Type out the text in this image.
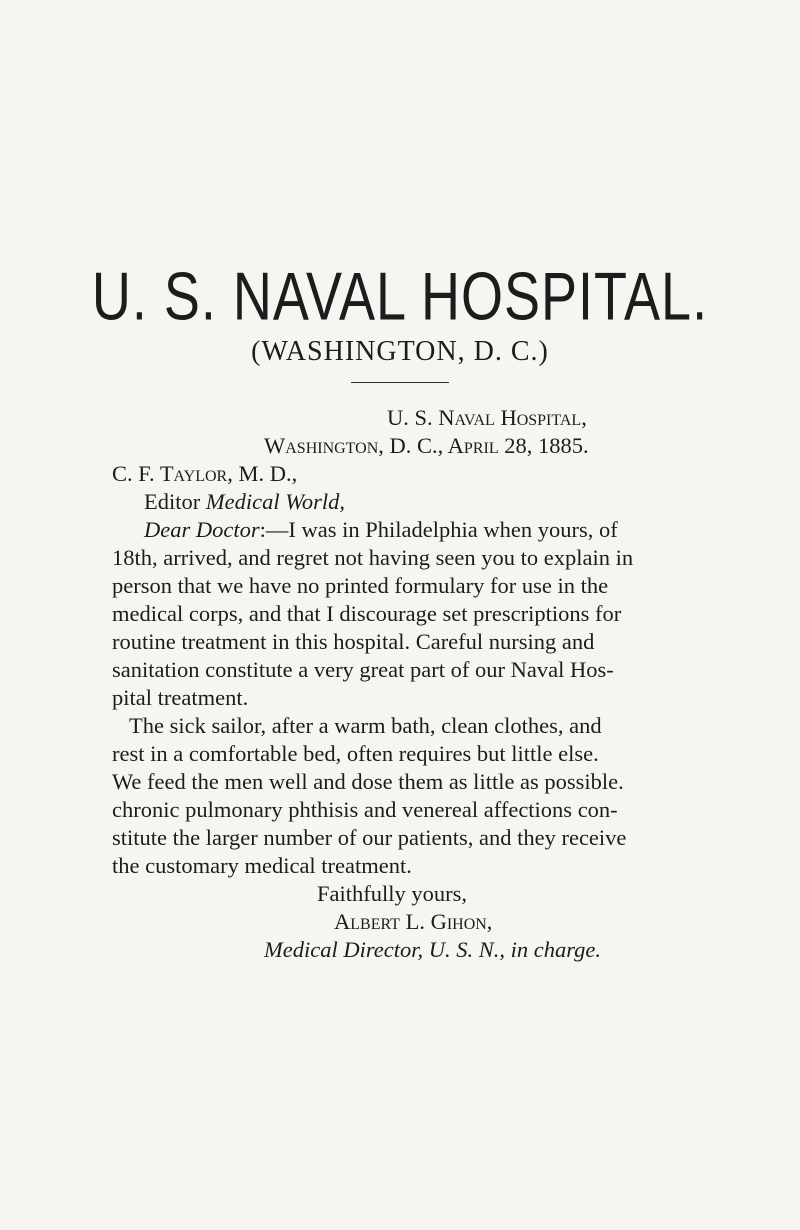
U. S. NAVAL HOSPITAL.
(WASHINGTON, D. C.)
U. S. Naval Hospital,
Washington, D. C., April 28, 1885.
C. F. Taylor, M. D.,
Editor Medical World,
Dear Doctor:—I was in Philadelphia when yours, of
18th, arrived, and regret not having seen you to explain in
person that we have no printed formulary for use in the
medical corps, and that I discourage set prescriptions for
routine treatment in this hospital. Careful nursing and
sanitation constitute a very great part of our Naval Hos-
pital treatment.
The sick sailor, after a warm bath, clean clothes, and
rest in a comfortable bed, often requires but little else.
We feed the men well and dose them as little as possible.
chronic pulmonary phthisis and venereal affections con-
stitute the larger number of our patients, and they receive
the customary medical treatment.
Faithfully yours,
Albert L. Gihon,
Medical Director, U. S. N., in charge.
